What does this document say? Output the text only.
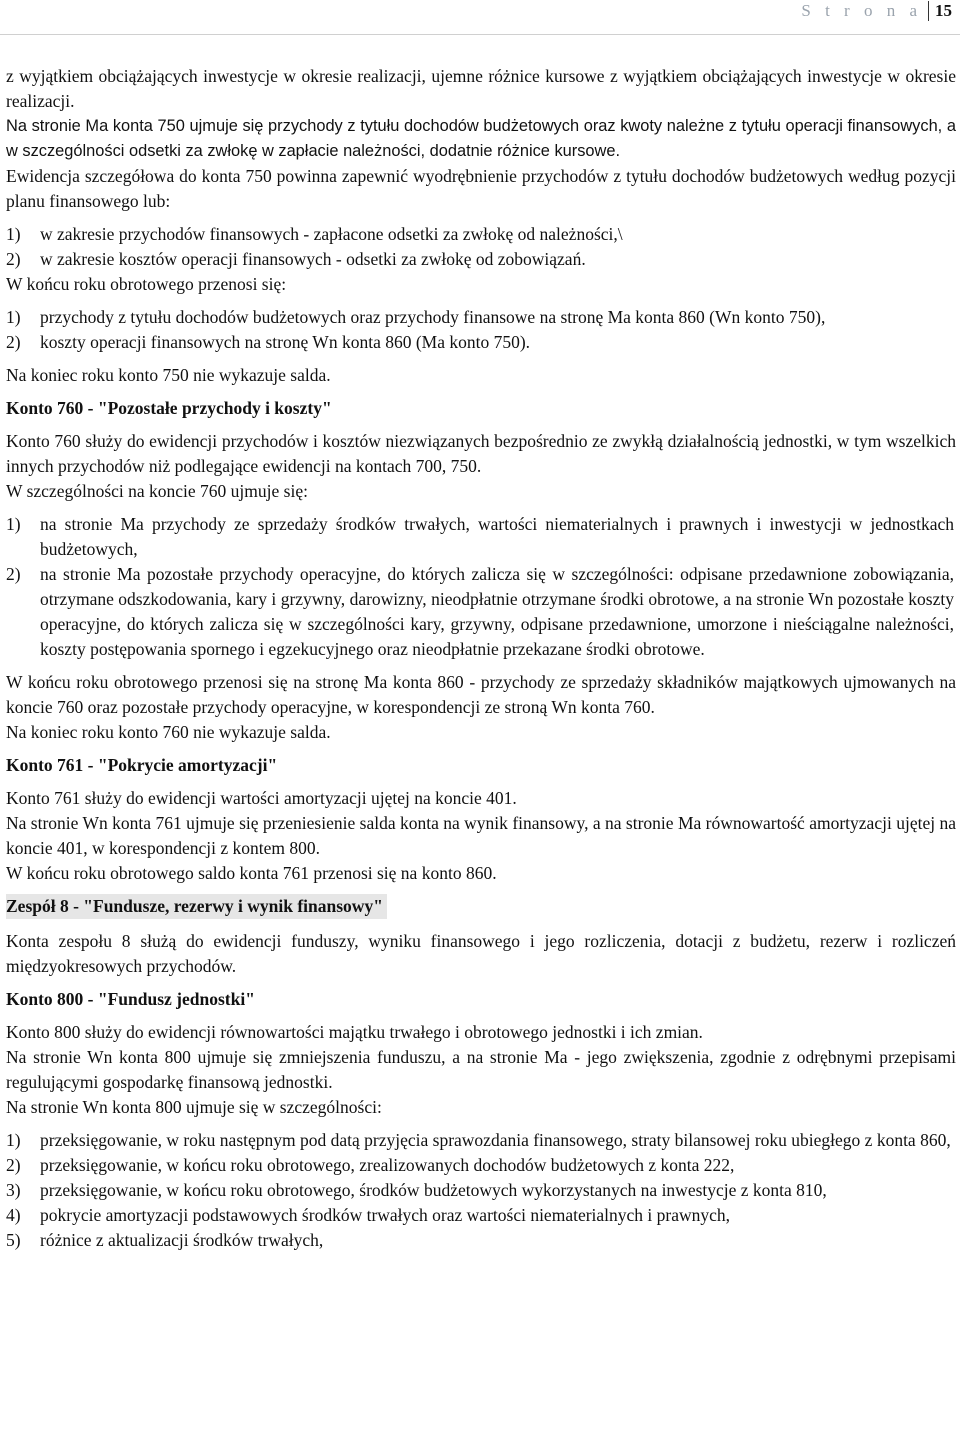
S t r o n a 15

z wyjątkiem obciążających inwestycje w okresie realizacji, ujemne różnice kursowe z wyjątkiem obciążających inwestycje w okresie realizacji.

Na stronie Ma konta 750 ujmuje się przychody z tytułu dochodów budżetowych oraz kwoty należne z tytułu operacji finansowych, a w szczególności odsetki za zwłokę w zapłacie należności, dodatnie różnice kursowe.

Ewidencja szczegółowa do konta 750 powinna zapewnić wyodrębnienie przychodów z tytułu dochodów budżetowych według pozycji planu finansowego lub:

1)	w zakresie przychodów finansowych - zapłacone odsetki za zwłokę od należności,\
2)	w zakresie kosztów operacji finansowych - odsetki za zwłokę od zobowiązań.

W końcu roku obrotowego przenosi się:

1)	przychody z tytułu dochodów budżetowych oraz przychody finansowe na stronę Ma konta 860 (Wn konto 750),
2)	koszty operacji finansowych na stronę Wn konta 860 (Ma konto 750).

Na koniec roku konto 750 nie wykazuje salda.

Konto 760 - "Pozostałe przychody i koszty"

Konto 760 służy do ewidencji przychodów i kosztów niezwiązanych bezpośrednio ze zwykłą działalnością jednostki, w tym wszelkich innych przychodów niż podlegające ewidencji na kontach 700, 750.

W szczególności na koncie 760 ujmuje się:

1)	na stronie Ma przychody ze sprzedaży środków trwałych, wartości niematerialnych i prawnych i inwestycji w jednostkach budżetowych,
2)	na stronie Ma pozostałe przychody operacyjne, do których zalicza się w szczególności: odpisane przedawnione zobowiązania, otrzymane odszkodowania, kary i grzywny, darowizny, nieodpłatnie otrzymane środki obrotowe, a na stronie Wn pozostałe koszty operacyjne, do których zalicza się w szczególności kary, grzywny, odpisane przedawnione, umorzone i nieściągalne należności, koszty postępowania spornego i egzekucyjnego oraz nieodpłatnie przekazane środki obrotowe.

W końcu roku obrotowego przenosi się na stronę Ma konta 860 - przychody ze sprzedaży składników majątkowych ujmowanych na koncie 760 oraz pozostałe przychody operacyjne, w korespondencji ze stroną Wn konta 760.

Na koniec roku konto 760 nie wykazuje salda.

Konto 761 - "Pokrycie amortyzacji"

Konto 761 służy do ewidencji wartości amortyzacji ujętej na koncie 401.

Na stronie Wn konta 761 ujmuje się przeniesienie salda konta na wynik finansowy, a na stronie Ma równowartość amortyzacji ujętej na koncie 401, w korespondencji z kontem 800.

W końcu roku obrotowego saldo konta 761 przenosi się na konto 860.

Zespół 8 - "Fundusze, rezerwy i wynik finansowy"

Konta zespołu 8 służą do ewidencji funduszy, wyniku finansowego i jego rozliczenia, dotacji z budżetu, rezerw i rozliczeń międzyokresowych przychodów.

Konto 800 - "Fundusz jednostki"

Konto 800 służy do ewidencji równowartości majątku trwałego i obrotowego jednostki i ich zmian.

Na stronie Wn konta 800 ujmuje się zmniejszenia funduszu, a na stronie Ma - jego zwiększenia, zgodnie z odrębnymi przepisami regulującymi gospodarkę finansową jednostki.

Na stronie Wn konta 800 ujmuje się w szczególności:

1)	przeksięgowanie, w roku następnym pod datą przyjęcia sprawozdania finansowego, straty bilansowej roku ubiegłego z konta 860,
2)	przeksięgowanie, w końcu roku obrotowego, zrealizowanych dochodów budżetowych z konta 222,
3)	przeksięgowanie, w końcu roku obrotowego, środków budżetowych wykorzystanych na inwestycje z konta 810,
4)	pokrycie amortyzacji podstawowych środków trwałych oraz wartości niematerialnych i prawnych,
5)	różnice z aktualizacji środków trwałych,
